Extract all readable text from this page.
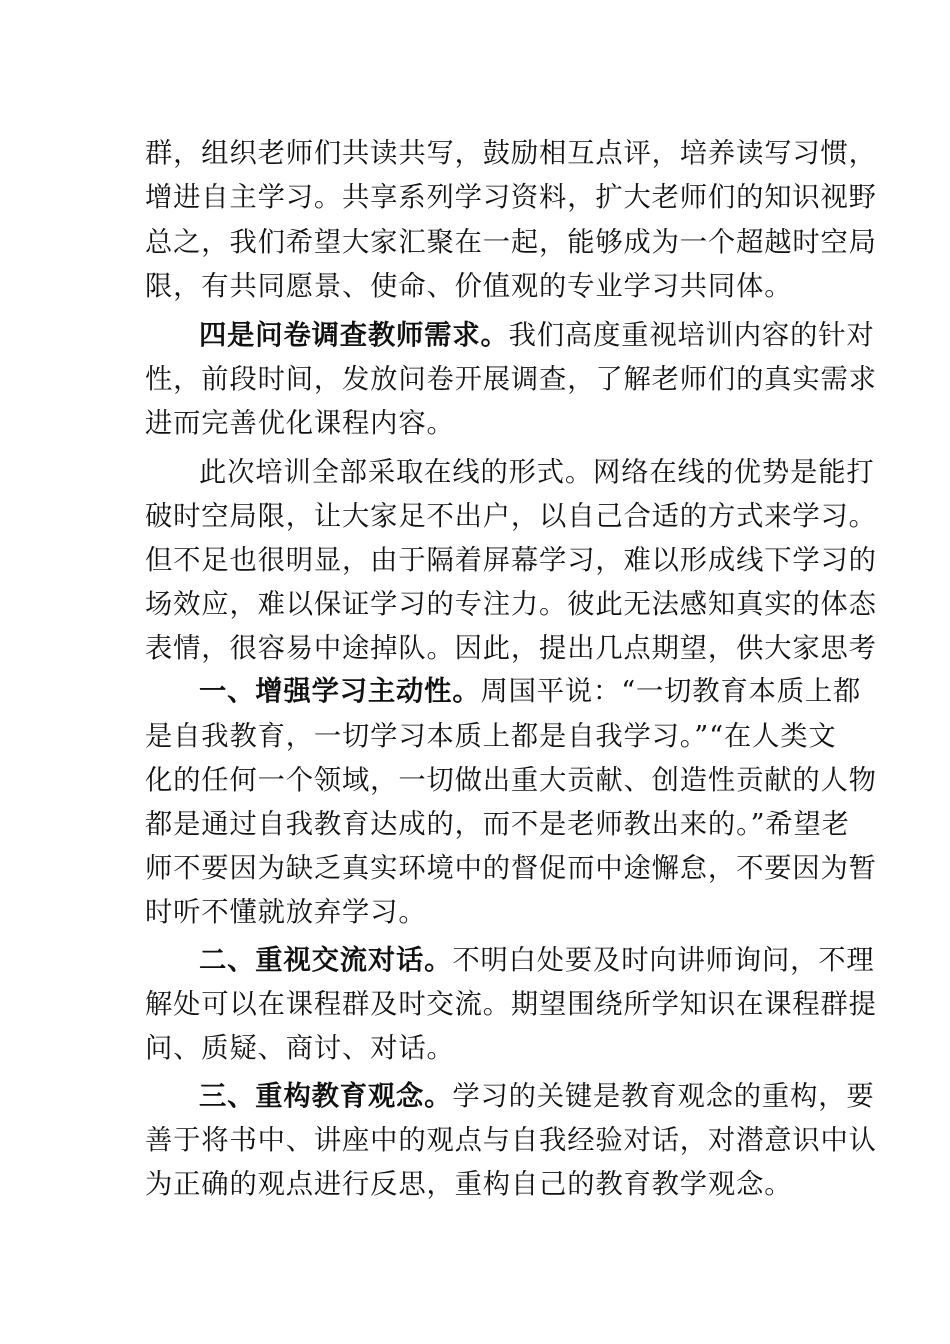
群，组织老师们共读共写，鼓励相互点评，培养读写习惯，
增进自主学习。共享系列学习资料，扩大老师们的知识视野
总之，我们希望大家汇聚在一起，能够成为一个超越时空局
限，有共同愿景、使命、价值观的专业学习共同体。
四是问卷调查教师需求。我们高度重视培训内容的针对
性，前段时间，发放问卷开展调查，了解老师们的真实需求
进而完善优化课程内容。
此次培训全部采取在线的形式。网络在线的优势是能打
破时空局限，让大家足不出户，以自己合适的方式来学习。
但不足也很明显，由于隔着屏幕学习，难以形成线下学习的
场效应，难以保证学习的专注力。彼此无法感知真实的体态
表情，很容易中途掉队。因此，提出几点期望，供大家思考
一、增强学习主动性。周国平说：“一切教育本质上都
是自我教育，一切学习本质上都是自我学习。”“在人类文
化的任何一个领域，一切做出重大贡献、创造性贡献的人物
都是通过自我教育达成的，而不是老师教出来的。”希望老
师不要因为缺乏真实环境中的督促而中途懈怠，不要因为暂
时听不懂就放弃学习。
二、重视交流对话。不明白处要及时向讲师询问，不理
解处可以在课程群及时交流。期望围绕所学知识在课程群提
问、质疑、商讨、对话。
三、重构教育观念。学习的关键是教育观念的重构，要
善于将书中、讲座中的观点与自我经验对话，对潜意识中认
为正确的观点进行反思，重构自己的教育教学观念。
